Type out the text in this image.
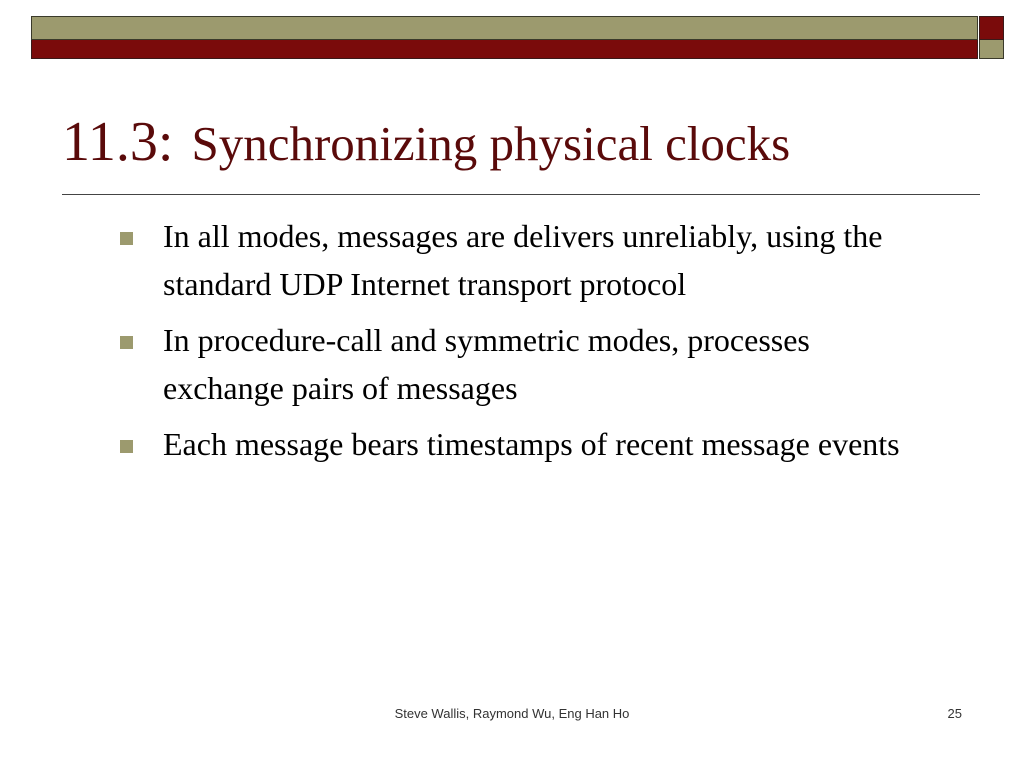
11.3: Synchronizing physical clocks
In all modes, messages are delivers unreliably, using the standard UDP Internet transport protocol
In procedure-call and symmetric modes, processes exchange pairs of messages
Each message bears timestamps of recent message events
Steve Wallis, Raymond Wu, Eng Han Ho	25
